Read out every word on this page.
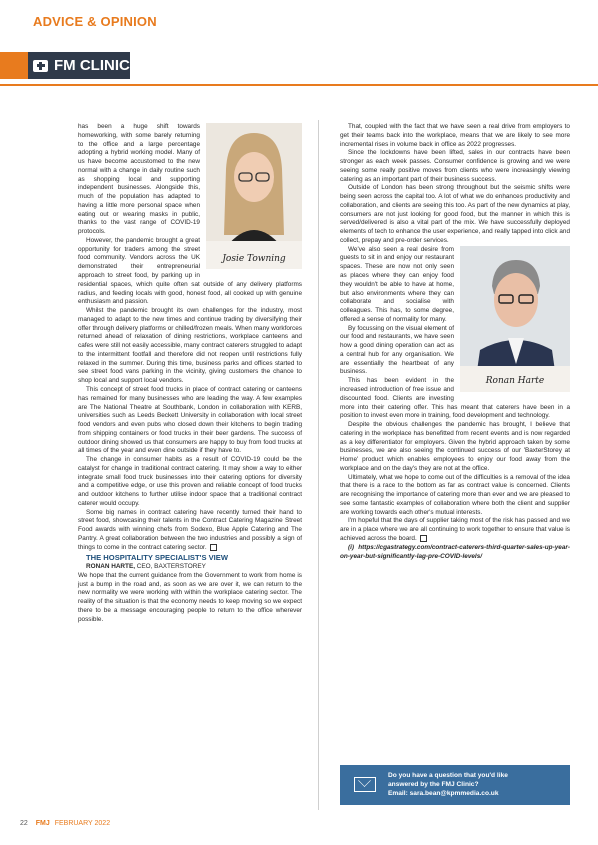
ADVICE & OPINION
FM CLINIC
Josie Towning

has been a huge shift towards homeworking, with some barely returning to the office and a large percentage adopting a hybrid working model. Many of us have become accustomed to the new normal with a change in daily routine such as shopping local and supporting independent businesses. Alongside this, much of the population has adapted to having a little more personal space when eating out or wearing masks in public, thanks to the vast range of COVID-19 protocols.

However, the pandemic brought a great opportunity for traders among the street food community. Vendors across the UK demonstrated their entrepreneurial approach to street food, by parking up in residential spaces, which quite often sat outside of any delivery platforms radius, and feeding locals with good, honest food, all cooked up with genuine enthusiasm and passion.

Whilst the pandemic brought its own challenges for the industry, most managed to adapt to the new times and continue trading by diversifying their offer through delivery platforms or chilled/frozen meals. When many workforces returned ahead of relaxation of dining restrictions, workplace canteens and cafes were still not easily accessible, many contract caterers struggled to adapt to the intermittent footfall and therefore did not reopen until restrictions fully relaxed in the summer. During this time, business parks and offices started to see street food vans parking in the vicinity, giving customers the chance to shop local and support local vendors.

This concept of street food trucks in place of contract catering or canteens has remained for many businesses who are leading the way. A few examples are The National Theatre at Southbank, London in collaboration with KERB, universities such as Leeds Beckett University in collaboration with local street food vendors and even pubs who closed down their kitchens to begin trading from shipping containers or food trucks in their beer gardens. The success of outdoor dining showed us that consumers are happy to buy from food trucks at all times of the year and even dine outside if they have to.

The change in consumer habits as a result of COVID-19 could be the catalyst for change in traditional contract catering. It may show a way to either integrate small food truck businesses into their catering options for diversity and a competitive edge, or use this proven and reliable concept of food trucks and outdoor kitchens to further utilise indoor space that a traditional contract caterer would occupy.

Some big names in contract catering have recently turned their hand to street food, showcasing their talents in the Contract Catering Magazine Street Food awards with winning chefs from Sodexo, Blue Apple Catering and The Pantry. A great collaboration between the two industries and possibly a sign of things to come in the contract catering sector.

THE HOSPITALITY SPECIALIST'S VIEW

RONAN HARTE, CEO, BAXTERSTOREY

We hope that the current guidance from the Government to work from home is just a bump in the road and, as soon as we are over it, we can return to the new normality we were working with within the workplace catering sector. The reality of the situation is that the economy needs to keep moving so we expect there to be a message encouraging people to return to the office wherever possible.

That, coupled with the fact that we have seen a real drive from employers to get their teams back into the workplace, means that we are likely to see more incremental rises in volume back in office as 2022 progresses.

Since the lockdowns have been lifted, sales in our contracts have been stronger as each week passes. Consumer confidence is growing and we were seeing some really positive moves from clients who were increasingly viewing catering as an important part of their business success.

Outside of London has been strong throughout but the seismic shifts were being seen across the capital too. A lot of what we do enhances productivity and collaboration, and clients are seeing this too. As part of the new dynamics at play, consumers are not just looking for good food, but the manner in which this is served/delivered is also a vital part of the mix. We have successfully deployed elements of tech to enhance the user experience, and really tapped into click and collect, prepay and pre-order services.

Ronan Harte

We've also seen a real desire from guests to sit in and enjoy our restaurant spaces. These are now not only seen as places where they can enjoy food they wouldn't be able to have at home, but also environments where they can collaborate and socialise with colleagues. This has, to some degree, offered a sense of normality for many.

By focussing on the visual element of our food and restaurants, we have seen how a good dining operation can act as a central hub for any organisation. We are essentially the heartbeat of any business.

This has been evident in the increased introduction of free issue and discounted food. Clients are investing more into their catering offer. This has meant that caterers have been in a position to invest even more in training, food development and technology.

Despite the obvious challenges the pandemic has brought, I believe that catering in the workplace has benefitted from recent events and is now regarded as a key differentiator for employers. Given the hybrid approach taken by some businesses, we are also seeing the continued success of our 'BaxterStorey at Home' product which enables employees to enjoy our food away from the workplace and on the day's they are not at the office.

Ultimately, what we hope to come out of the difficulties is a removal of the idea that there is a race to the bottom as far as contract value is concerned. Clients are recognising the importance of catering more than ever and we are pleased to see some fantastic examples of collaboration where both the client and supplier are working towards each other's mutual interests.

I'm hopeful that the days of supplier taking most of the risk has passed and we are in a place where we are all continuing to work together to ensure that value is achieved across the board.

(i) https://cgastrategy.com/contract-caterers-third-quarter-sales-up-year-on-year-but-significantly-lag-pre-COVID-levels/

Do you have a question that you'd like
answered by the FMJ Clinic?
Email: sara.bean@kpmmedia.co.uk
22 FMJ FEBRUARY 2022
